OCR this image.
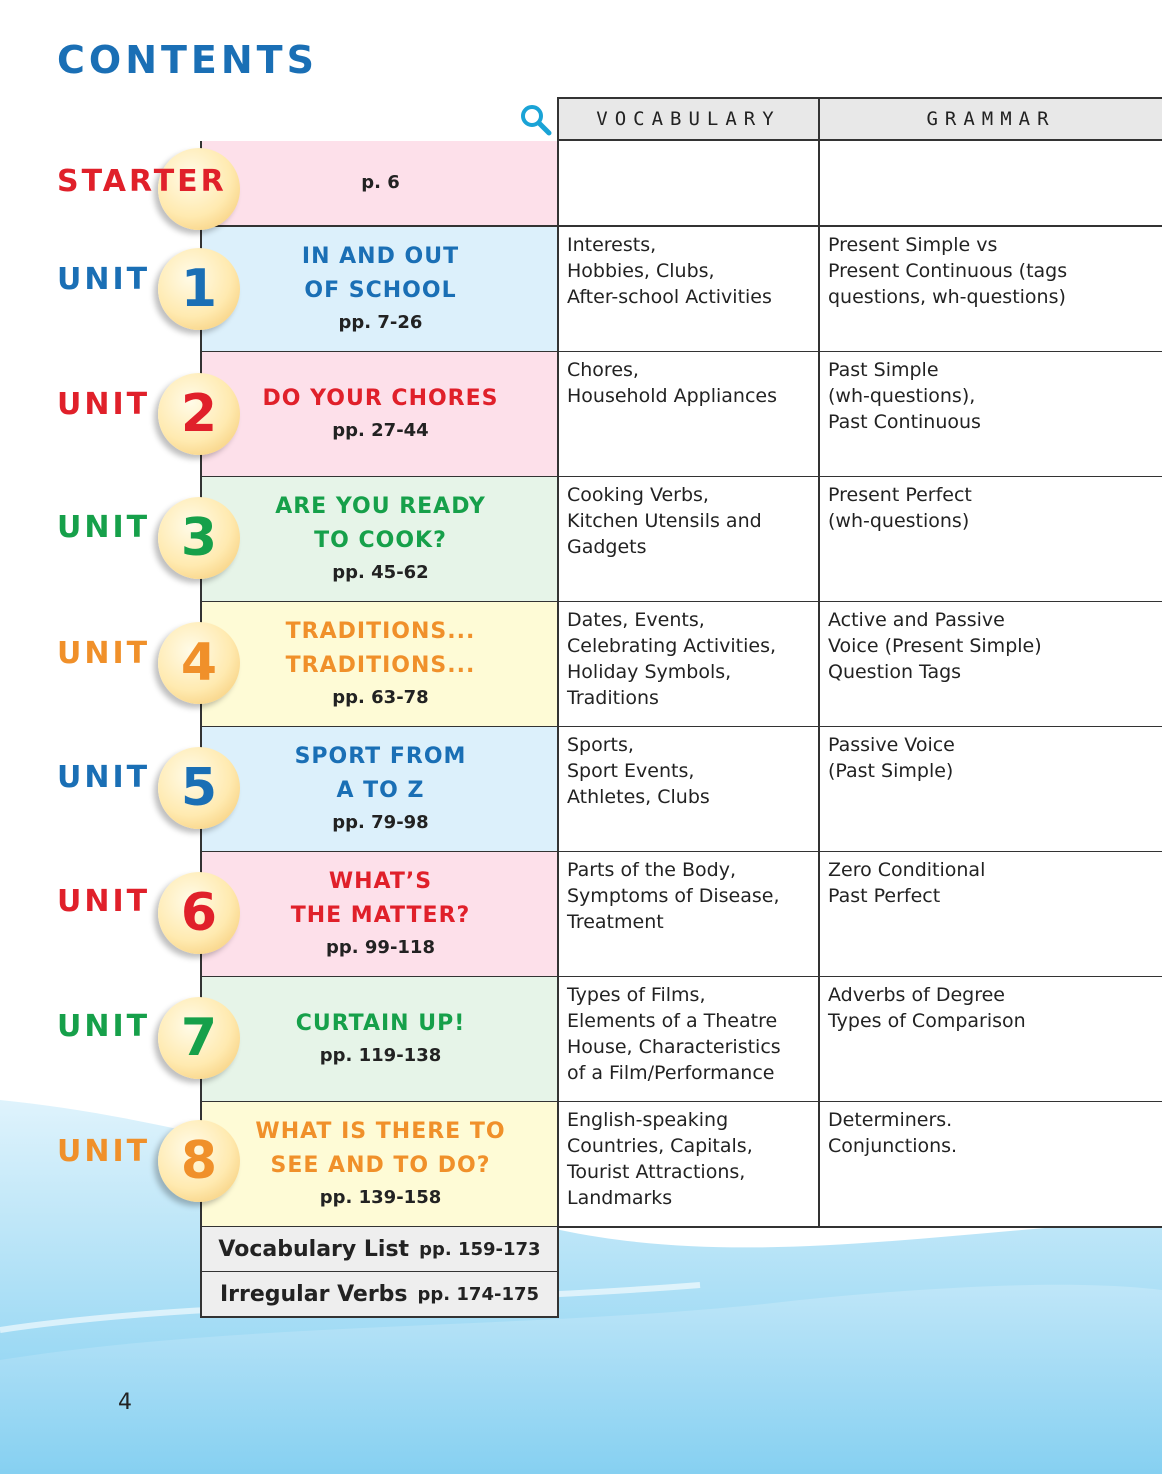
CONTENTS
VOCABULARY	GRAMMAR
p. 6
STARTER
IN AND OUT
OF SCHOOL
pp. 7-26
Interests,
Hobbies, Clubs,
After-school Activities
Present Simple vs
Present Continuous (tags
questions, wh-questions)
UNIT 1
DO YOUR CHORES
pp. 27-44
Chores,
Household Appliances
Past Simple
(wh-questions),
Past Continuous
UNIT 2
ARE YOU READY
TO COOK?
pp. 45-62
Cooking Verbs,
Kitchen Utensils and
Gadgets
Present Perfect
(wh-questions)
UNIT 3
TRADITIONS...
TRADITIONS...
pp. 63-78
Dates, Events,
Celebrating Activities,
Holiday Symbols,
Traditions
Active and Passive
Voice (Present Simple)
Question Tags
UNIT 4
SPORT FROM
A TO Z
pp. 79-98
Sports,
Sport Events,
Athletes, Clubs
Passive Voice
(Past Simple)
UNIT 5
WHAT’S
THE MATTER?
pp. 99-118
Parts of the Body,
Symptoms of Disease,
Treatment
Zero Conditional
Past Perfect
UNIT 6
CURTAIN UP!
pp. 119-138
Types of Films,
Elements of a Theatre
House, Characteristics
of a Film/Performance
Adverbs of Degree
Types of Comparison
UNIT 7
WHAT IS THERE TO
SEE AND TO DO?
pp. 139-158
English-speaking
Countries, Capitals,
Tourist Attractions,
Landmarks
Determiners.
Conjunctions.
UNIT 8
Vocabulary List pp. 159-173
Irregular Verbs pp. 174-175
4
